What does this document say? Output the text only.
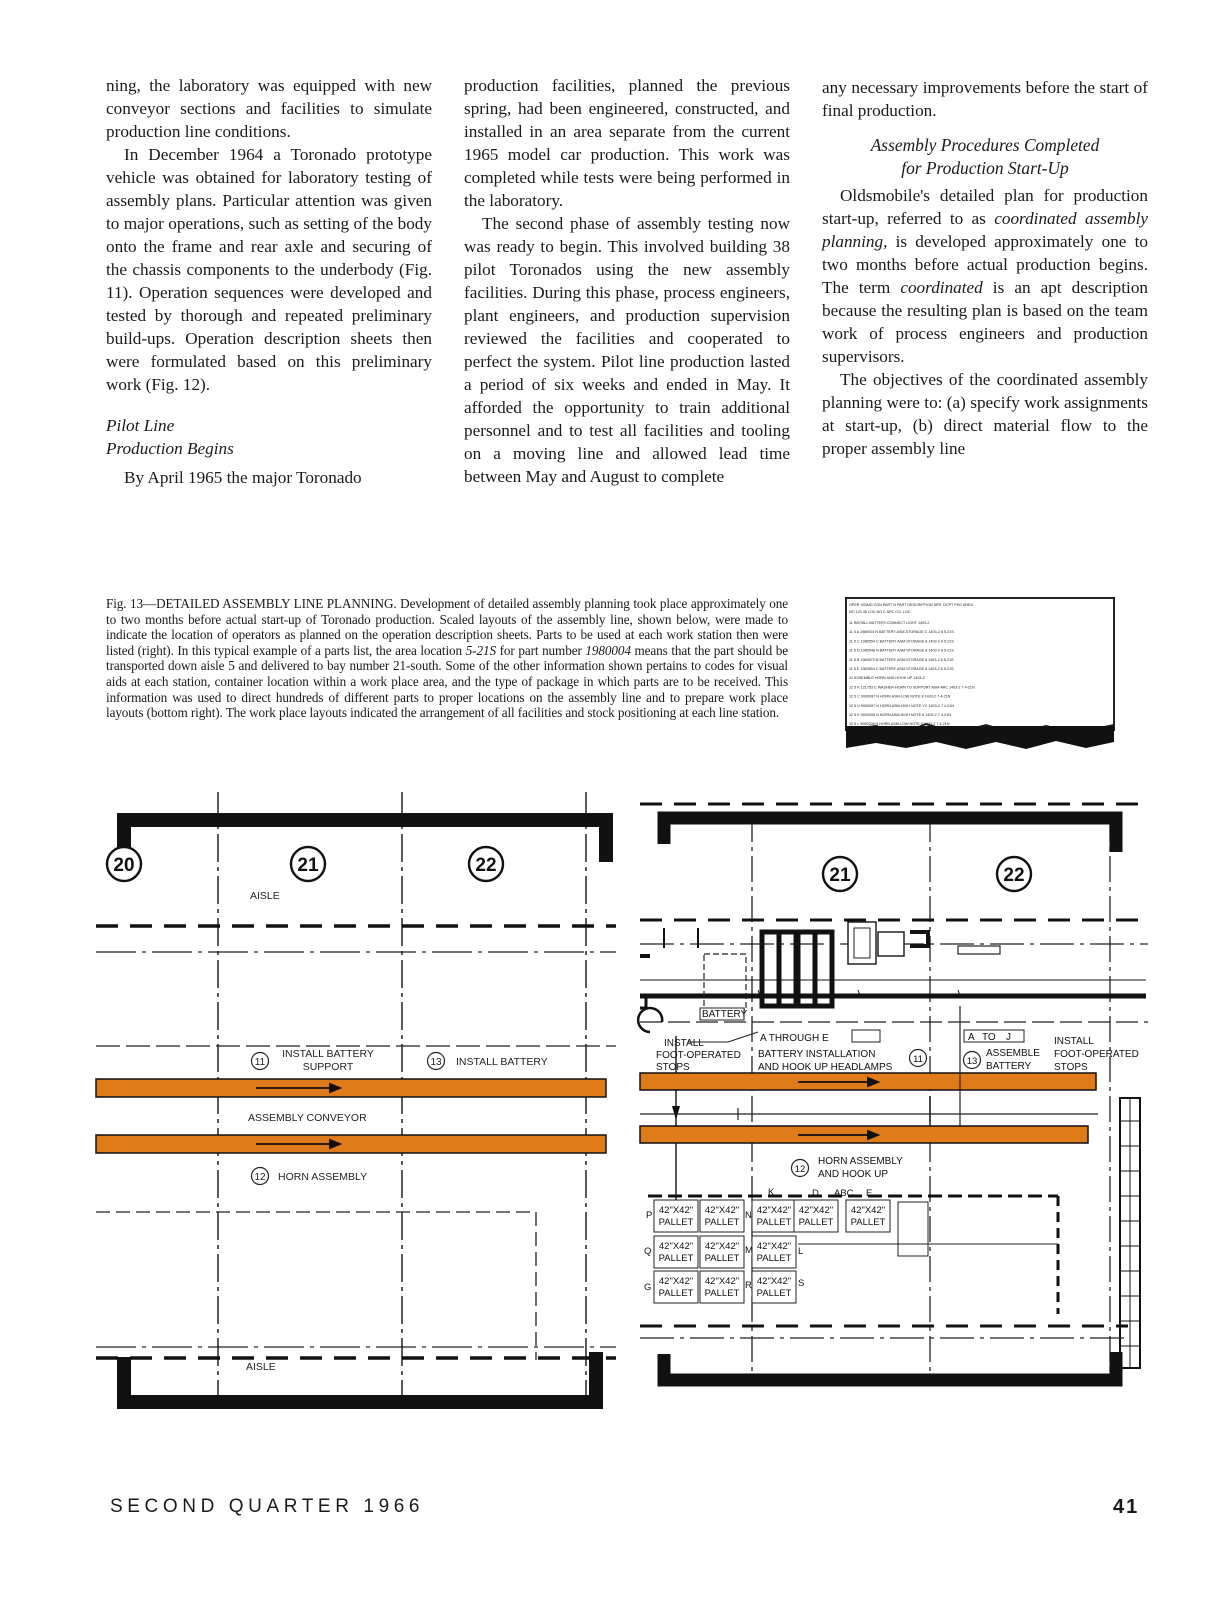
ning, the laboratory was equipped with new conveyor sections and facilities to simulate production line conditions.

In December 1964 a Toronado prototype vehicle was obtained for laboratory testing of assembly plans. Particular attention was given to major operations, such as setting of the body onto the frame and rear axle and securing of the chassis components to the underbody (Fig. 11). Operation sequences were developed and tested by thorough and repeated preliminary build-ups. Operation description sheets then were formulated based on this preliminary work (Fig. 12).

Pilot Line
Production Begins

By April 1965 the major Toronado

production facilities, planned the previous spring, had been engineered, constructed, and installed in an area separate from the current 1965 model car production. This work was completed while tests were being performed in the laboratory.

The second phase of assembly testing now was ready to begin. This involved building 38 pilot Toronados using the new assembly facilities. During this phase, process engineers, plant engineers, and production supervision reviewed the facilities and cooperated to perfect the system. Pilot line production lasted a period of six weeks and ended in May. It afforded the opportunity to train additional personnel and to test all facilities and tooling on a moving line and allowed lead time between May and August to complete

any necessary improvements before the start of final production.

Assembly Procedures Completed
for Production Start-Up

Oldsmobile's detailed plan for production start-up, referred to as coordinated assembly planning, is developed approximately one to two months before actual production begins. The term coordinated is an apt description because the resulting plan is based on the team work of process engineers and production supervisors.

The objectives of the coordinated assembly planning were to: (a) specify work assignments at start-up, (b) direct material flow to the proper assembly line

Fig. 13—DETAILED ASSEMBLY LINE PLANNING. Development of detailed assembly planning took place approximately one to two months before actual start-up of Toronado production. Scaled layouts of the assembly line, shown below, were made to indicate the location of operators as planned on the operation description sheets. Parts to be used at each work station then were listed (right). In this typical example of a parts list, the area location 5-21S for part number 1980004 means that the part should be transported down aisle 5 and delivered to bay number 21-south. Some of the other information shown pertains to codes for visual aids at each station, container location within a work place area, and the type of package in which parts are to be received. This information was used to direct hundreds of different parts to proper locations on the assembly line and to prepare work place layouts (bottom right). The work place layouts indicated the arrangement of all facilities and stock positioning at each line station.
OPER VISAID CON PART N PART DESCRIPTION SER. DCPT PKG AREA
NO 123 45 LOC NO C ARC CO. LOC.
11 INSTALL BATTERY-CONNECT LIGHT 1403-2
11 5 A 1980004 N BATTERY ASM-STORAGE C 1403-2 8 5-21S
11 5 C 1980554 C BATTERY ASM-STORAGE 8 1403-2 8 5-21S
11 5 D 1980548 N BATTERY ASM-STORAGE 8 1403-2 8 5-21S
11 5 B 1980570 N BATTERY ASM-STORAGE 8 1403-2 8 5-21S
11 5 E 1983554 C BATTERY ASM-STORAGE 8 1403-2 8 5-21S
12 ASSEMBLE HORN AND HOOK UP 1403-2
12 5 K 121753 C WASHER-HORN TO SUPPORT ASM ARC 1403-2 7 4-21N
12 5 C 9000097 N HORN ASM-LOW NOTE 8 1403-2 7 4-21N
12 5 U 9000097 N HORN ASM-HIGH NOTE YC 1403-2 7 4-21N
12 5 K 9000208 N HORN ASM-HIGH NOTE 8 1403-2 7 4-21N
12 5 L 9000208 N HORN ASM-LOW NOTE 8 1403-2 7 4-21N
20	21	22
AISLE
AISLE
11
INSTALL BATTERY
SUPPORT	13 INSTALL BATTERY
ASSEMBLY CONVEYOR
12 HORN ASSEMBLY
42"X42"
PALLET
42"X42"
PALLET
42"X42"
PALLET
42"X42"
PALLET
42"X42"
PALLET
42"X42"
PALLET
42"X42"
PALLET
42"X42"
PALLET
42"X42"
PALLET
42"X42"
PALLET
42"X42"
PALLET
P
Q
G
N
M
R
L
S
K	D ABC E
21	22
BATTERY
INSTALL
FOOT-OPERATED
STOPS
A THROUGH E
BATTERY INSTALLATION
AND HOOK UP HEADLAMPS
11
A TO J
13
ASSEMBLE
BATTERY
INSTALL
FOOT-OPERATED
STOPS
12
HORN ASSEMBLY
AND HOOK UP
SECOND QUARTER 1966	41
